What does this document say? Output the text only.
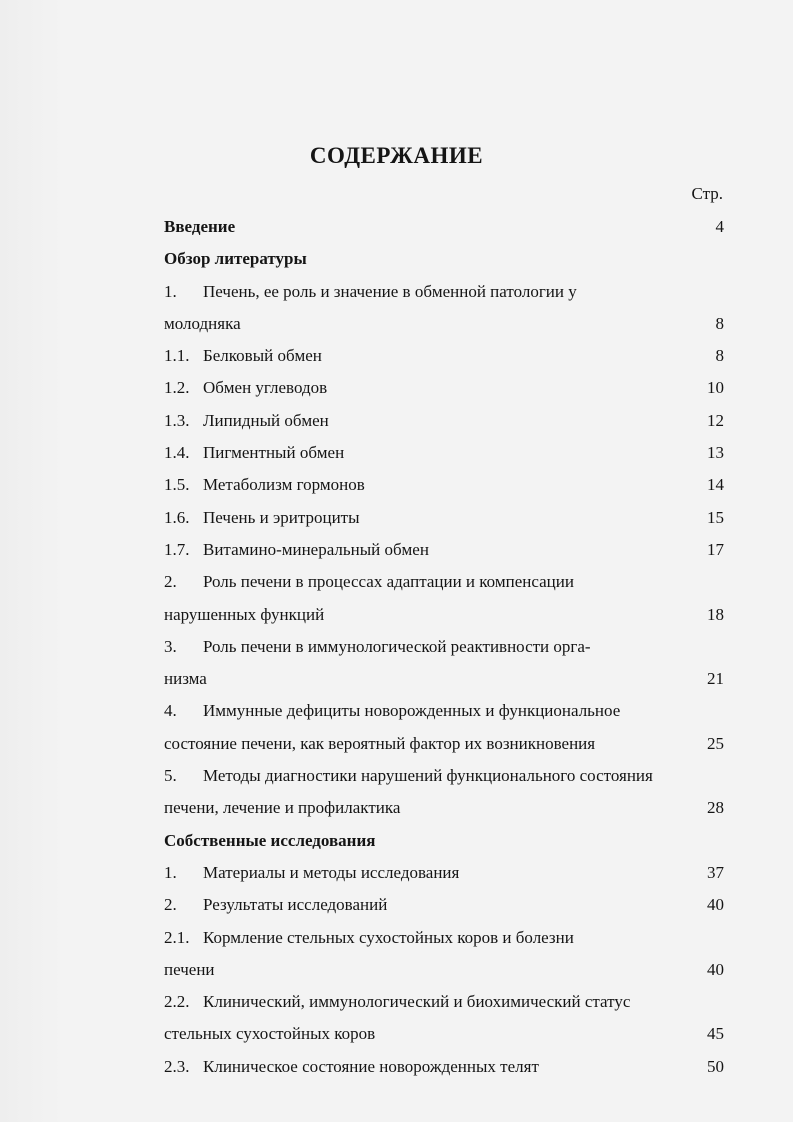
СОДЕРЖАНИЕ
Стр.
Введение	4
Обзор литературы
1. Печень, ее роль и значение в обменной патологии у
молодняка	8
1.1. Белковый обмен	8
1.2. Обмен углеводов	10
1.3. Липидный обмен	12
1.4. Пигментный обмен	13
1.5. Метаболизм гормонов	14
1.6. Печень и эритроциты	15
1.7. Витамино-минеральный обмен	17
2. Роль печени в процессах адаптации и компенсации
нарушенных функций	18
3. Роль печени в иммунологической реактивности орга-
низма	21
4. Иммунные дефициты новорожденных и функциональное
состояние печени, как вероятный фактор их возникновения	25
5. Методы диагностики нарушений функционального состояния
печени, лечение и профилактика	28
Собственные исследования
1. Материалы и методы исследования	37
2. Результаты исследований	40
2.1. Кормление стельных сухостойных коров и болезни
печени	40
2.2. Клинический, иммунологический и биохимический статус
стельных сухостойных коров	45
2.3. Клиническое состояние новорожденных телят	50
